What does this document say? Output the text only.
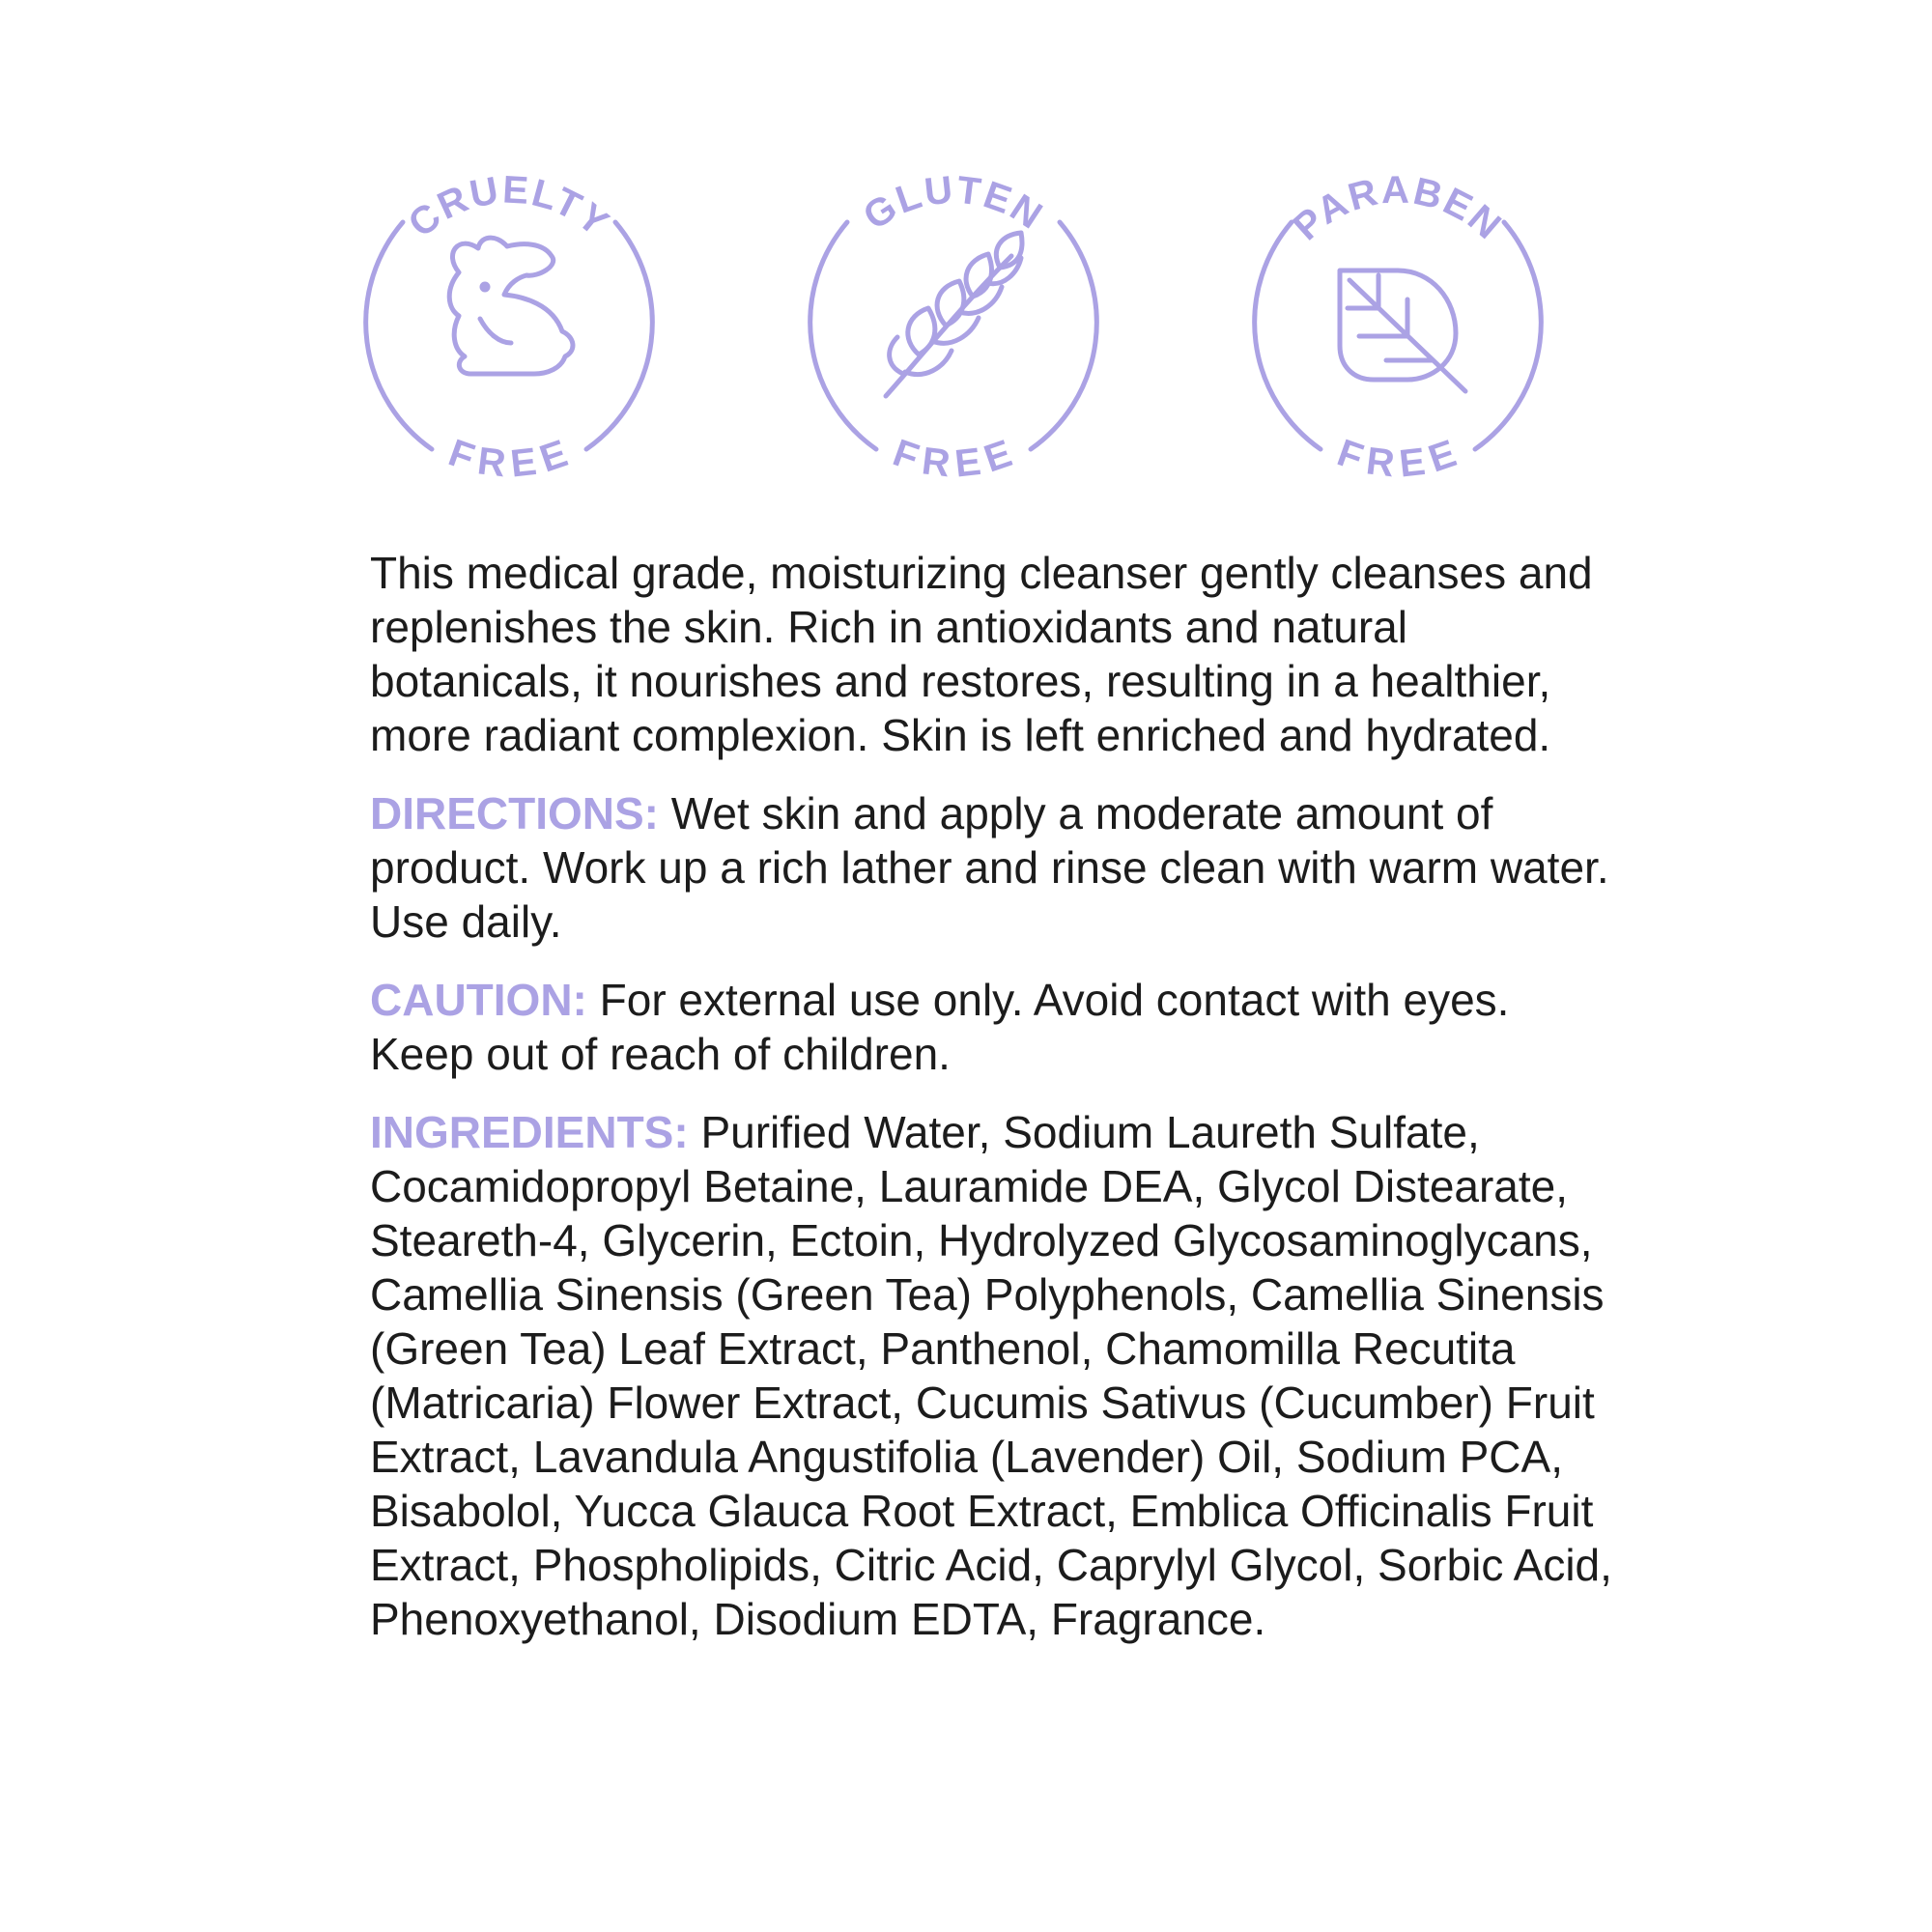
CRUELTY
FREE
GLUTEN
FREE
PARABEN
FREE

This medical grade, moisturizing cleanser gently cleanses and replenishes the skin. Rich in antioxidants and natural botanicals, it nourishes and restores, resulting in a healthier, more radiant complexion. Skin is left enriched and hydrated.

DIRECTIONS: Wet skin and apply a moderate amount of product. Work up a rich lather and rinse clean with warm water. Use daily.

CAUTION: For external use only. Avoid contact with eyes. Keep out of reach of children.

INGREDIENTS: Purified Water, Sodium Laureth Sulfate, Cocamidopropyl Betaine, Lauramide DEA, Glycol Distearate, Steareth-4, Glycerin, Ectoin, Hydrolyzed Glycosaminoglycans, Camellia Sinensis (Green Tea) Polyphenols, Camellia Sinensis (Green Tea) Leaf Extract, Panthenol, Chamomilla Recutita (Matricaria) Flower Extract, Cucumis Sativus (Cucumber) Fruit Extract, Lavandula Angustifolia (Lavender) Oil, Sodium PCA, Bisabolol, Yucca Glauca Root Extract, Emblica Officinalis Fruit Extract, Phospholipids, Citric Acid, Caprylyl Glycol, Sorbic Acid, Phenoxyethanol, Disodium EDTA, Fragrance.
